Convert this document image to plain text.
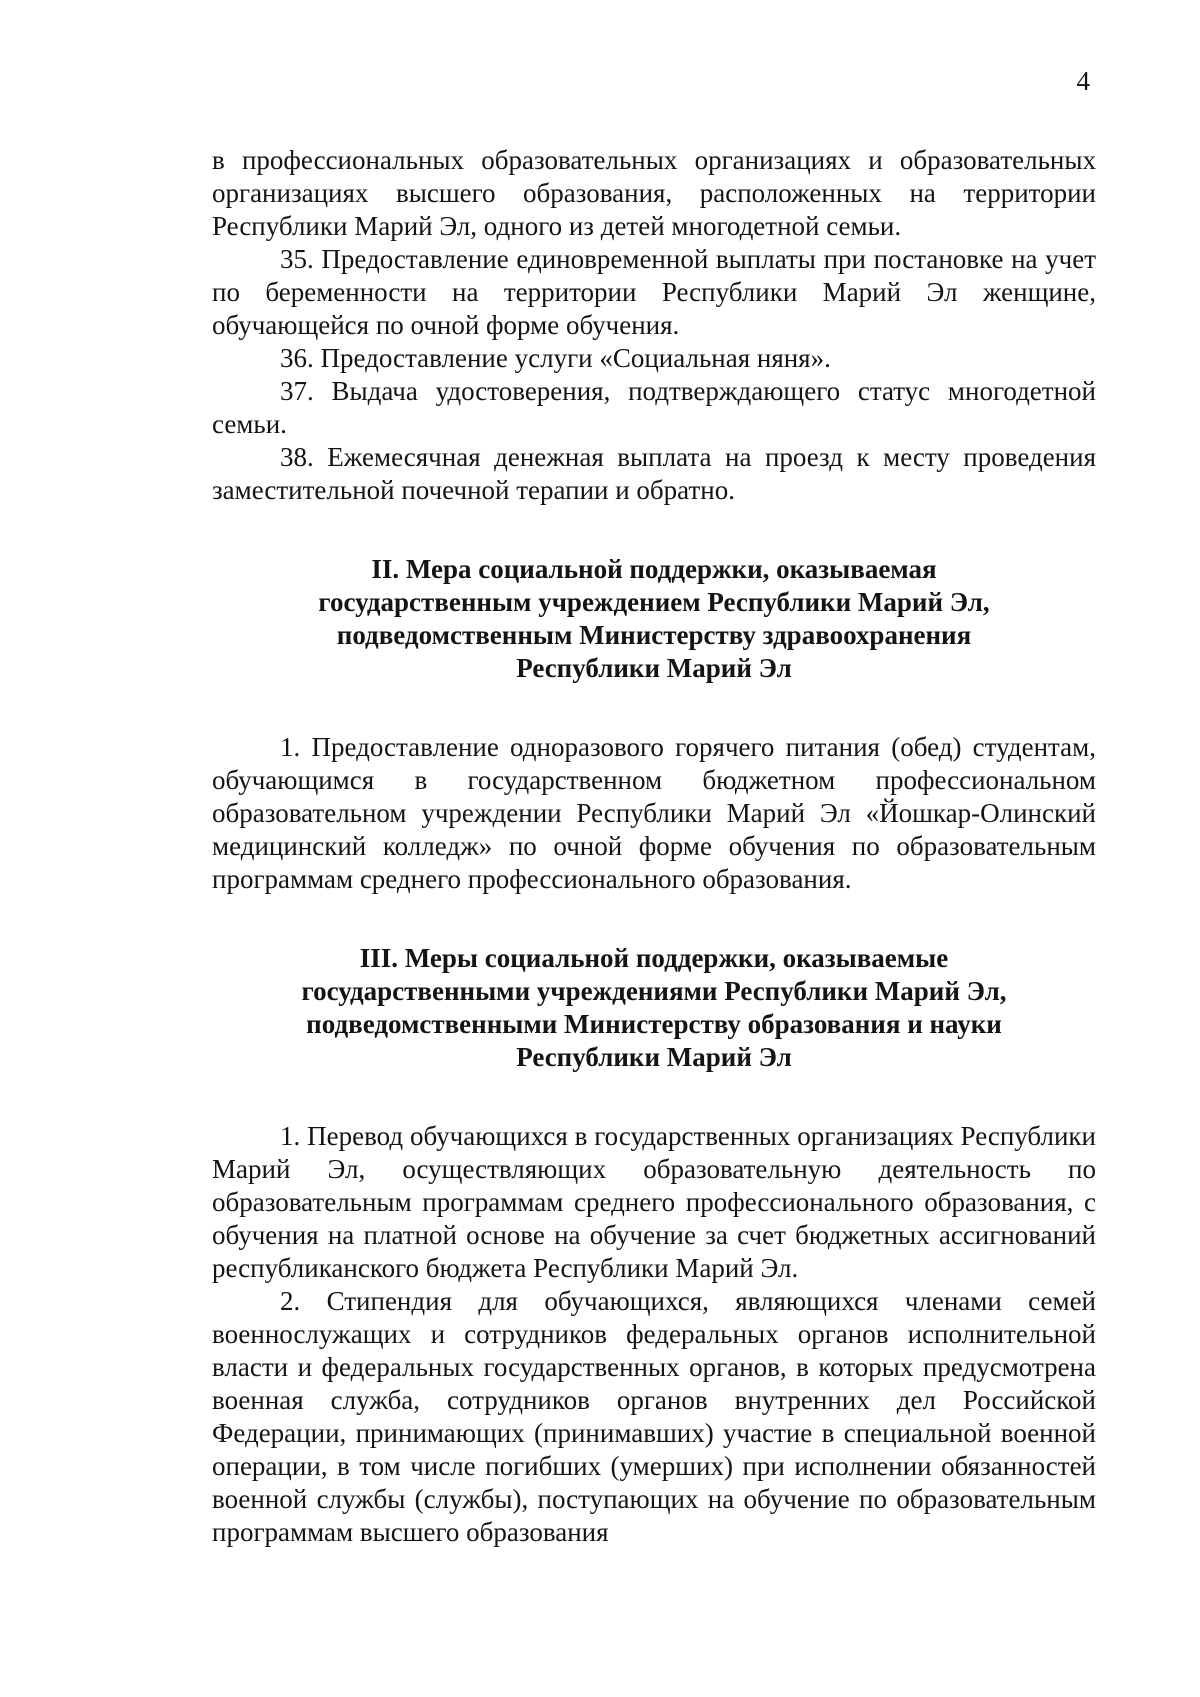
4

в профессиональных образовательных организациях и образовательных организациях высшего образования, расположенных на территории Республики Марий Эл, одного из детей многодетной семьи.

35. Предоставление единовременной выплаты при постановке на учет по беременности на территории Республики Марий Эл женщине, обучающейся по очной форме обучения.

36. Предоставление услуги «Социальная няня».

37. Выдача удостоверения, подтверждающего статус многодетной семьи.

38. Ежемесячная денежная выплата на проезд к месту проведения заместительной почечной терапии и обратно.

II. Мера социальной поддержки, оказываемая
государственным учреждением Республики Марий Эл,
подведомственным Министерству здравоохранения
Республики Марий Эл

1. Предоставление одноразового горячего питания (обед) студентам, обучающимся в государственном бюджетном профессиональном образовательном учреждении Республики Марий Эл «Йошкар-Олинский медицинский колледж» по очной форме обучения по образовательным программам среднего профессионального образования.

III. Меры социальной поддержки, оказываемые
государственными учреждениями Республики Марий Эл,
подведомственными Министерству образования и науки
Республики Марий Эл

1. Перевод обучающихся в государственных организациях Республики Марий Эл, осуществляющих образовательную деятельность по образовательным программам среднего профессионального образования, с обучения на платной основе на обучение за счет бюджетных ассигнований республиканского бюджета Республики Марий Эл.

2. Стипендия для обучающихся, являющихся членами семей военнослужащих и сотрудников федеральных органов исполнительной власти и федеральных государственных органов, в которых предусмотрена военная служба, сотрудников органов внутренних дел Российской Федерации, принимающих (принимавших) участие в специальной военной операции, в том числе погибших (умерших) при исполнении обязанностей военной службы (службы), поступающих на обучение по образовательным программам высшего образования
